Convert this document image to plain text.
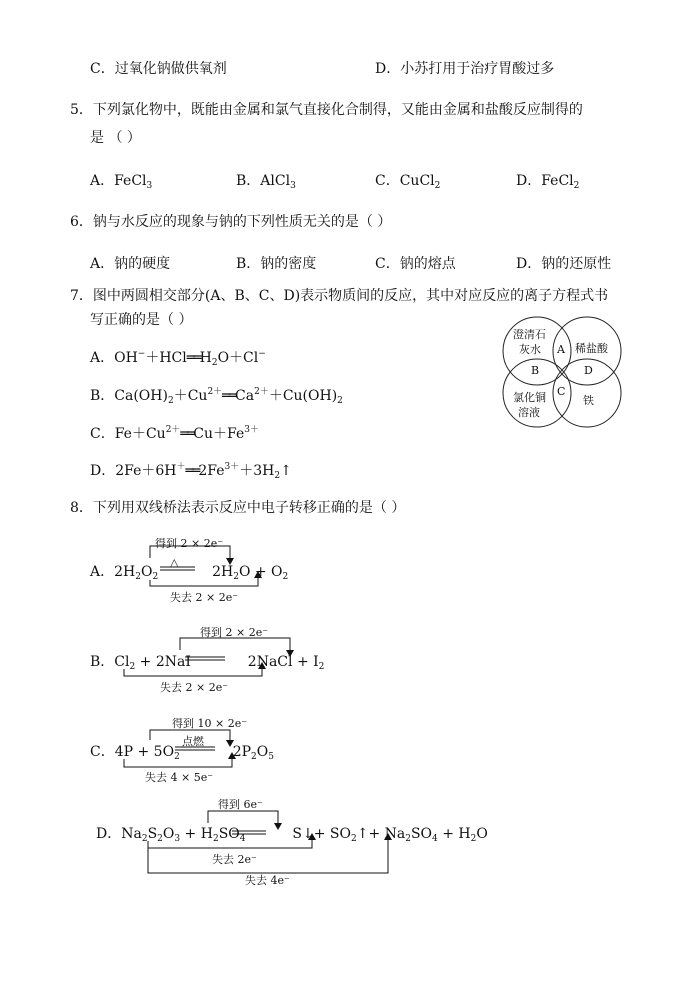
C．过氧化钠做供氧剂	D．小苏打用于治疗胃酸过多
5．下列氯化物中，既能由金属和氯气直接化合制得，又能由金属和盐酸反应制得的
是 （ ）
A．FeCl$_3$	B．AlCl$_3$	C．CuCl$_2$	D．FeCl$_2$
6．钠与水反应的现象与钠的下列性质无关的是（ ）
A．钠的硬度	B．钠的密度	C．钠的熔点	D．钠的还原性
7．图中两圆相交部分(A、B、C、D)表示物质间的反应，其中对应反应的离子方程式书
写正确的是（ ）
A．$OH^-+HCl══H_2O+Cl^-$
B．$Ca(OH)_2+Cu^{2+}══Ca^{2+}+Cu(OH)_2$
C．$Fe+Cu^{2+}══Cu+Fe^{3+}$
D．$2Fe+6H^+══2Fe^{3+}+3H_2↑$
澄清石
灰水	稀盐酸
氯化铜
溶液
铁
A
B
C
D
8．下列用双线桥法表示反应中电子转移正确的是（ ）
得到 2 × 2e⁻
△
A．$2H_2O_2$	$2H_2O + O_2$
失去 2 × 2e⁻
得到 2 × 2e⁻
B．$Cl_2 + 2NaI$	2NaCl + $I_2$
失去 2 × 2e⁻
得到 10 × 2e⁻
点燃
C．$4P + 5O_2$	$2P_2O_5$
失去 4 × 5e⁻
得到 6e⁻
D．$Na_2S_2O_3 + H_2SO_4$	S↓+ $SO_2↑+ Na_2SO_4 + H_2O$
失去 2e⁻
失去 4e⁻
